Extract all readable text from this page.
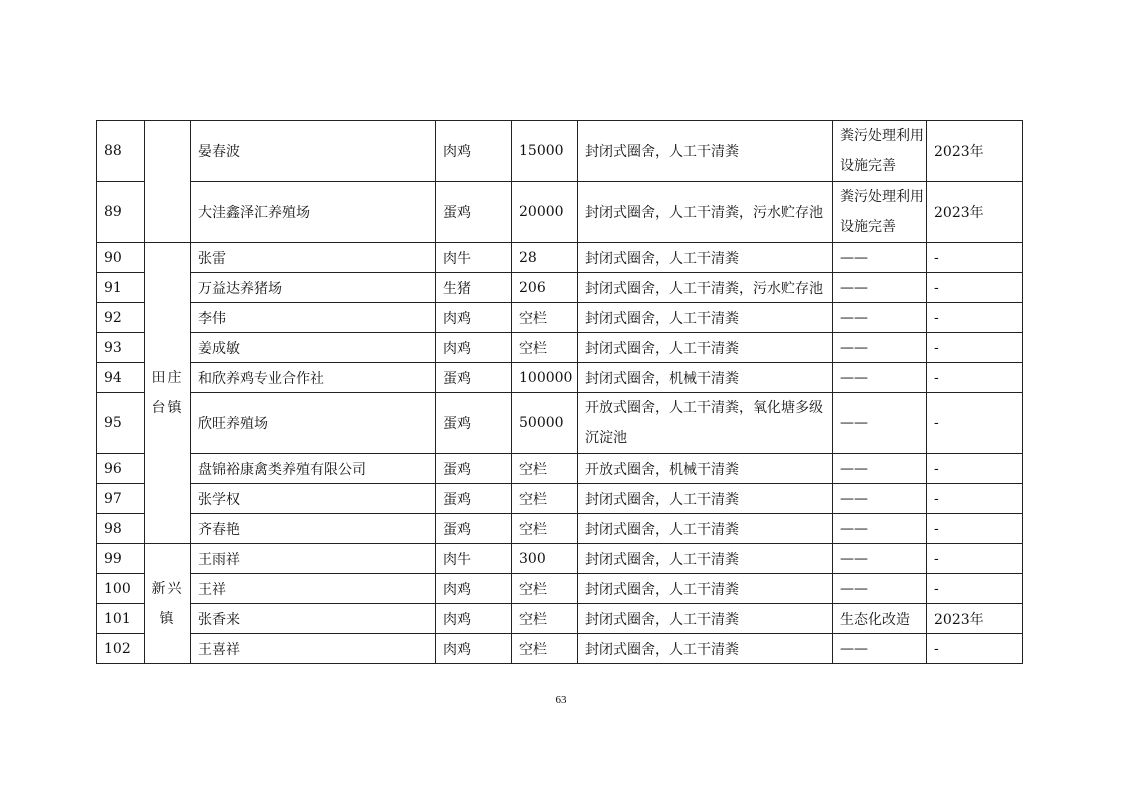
88		晏春波	肉鸡	15000	封闭式圈舍，人工干清粪	粪污处理利用设施完善	2023年
89		大洼鑫泽汇养殖场	蛋鸡	20000	封闭式圈舍，人工干清粪，污水贮存池	粪污处理利用设施完善	2023年
90	田庄台镇	张雷	肉牛	28	封闭式圈舍，人工干清粪	——	-
91		万益达养猪场	生猪	206	封闭式圈舍，人工干清粪，污水贮存池	——	-
92		李伟	肉鸡	空栏	封闭式圈舍，人工干清粪	——	-
93		姜成敏	肉鸡	空栏	封闭式圈舍，人工干清粪	——	-
94		和欣养鸡专业合作社	蛋鸡	100000	封闭式圈舍，机械干清粪	——	-
95		欣旺养殖场	蛋鸡	50000	开放式圈舍，人工干清粪，氧化塘多级沉淀池	——	-
96		盘锦裕康禽类养殖有限公司	蛋鸡	空栏	开放式圈舍，机械干清粪	——	-
97		张学权	蛋鸡	空栏	封闭式圈舍，人工干清粪	——	-
98		齐春艳	蛋鸡	空栏	封闭式圈舍，人工干清粪	——	-
99	新兴镇	王雨祥	肉牛	300	封闭式圈舍，人工干清粪	——	-
100		王祥	肉鸡	空栏	封闭式圈舍，人工干清粪	——	-
101		张香来	肉鸡	空栏	封闭式圈舍，人工干清粪	生态化改造	2023年
102		王喜祥	肉鸡	空栏	封闭式圈舍，人工干清粪	——	-
63
